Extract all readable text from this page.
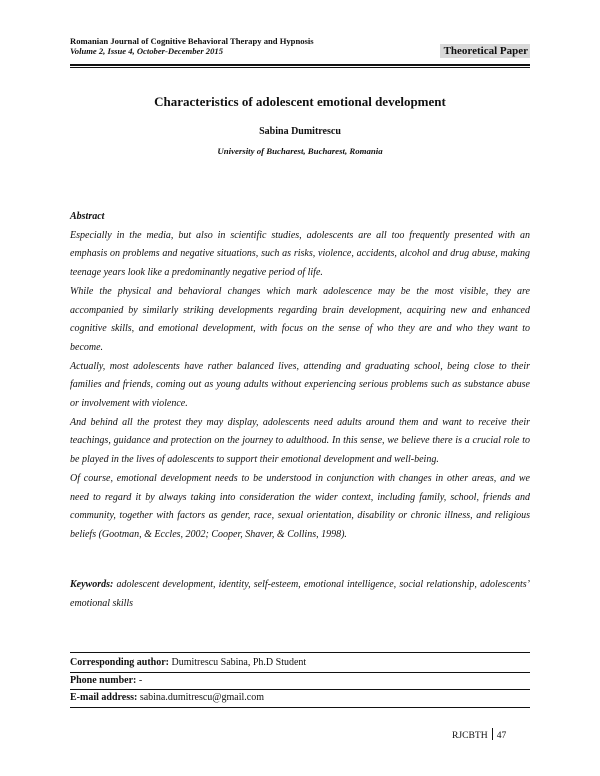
Romanian Journal of Cognitive Behavioral Therapy and Hypnosis
Volume 2, Issue 4, October-December 2015	Theoretical Paper
Characteristics of adolescent emotional development
Sabina Dumitrescu
University of Bucharest, Bucharest, Romania
Abstract

Especially in the media, but also in scientific studies, adolescents are all too frequently presented with an emphasis on problems and negative situations, such as risks, violence, accidents, alcohol and drug abuse, making teenage years look like a predominantly negative period of life.

While the physical and behavioral changes which mark adolescence may be the most visible, they are accompanied by similarly striking developments regarding brain development, acquiring new and enhanced cognitive skills, and emotional development, with focus on the sense of who they are and who they want to become.

Actually, most adolescents have rather balanced lives, attending and graduating school, being close to their families and friends, coming out as young adults without experiencing serious problems such as substance abuse or involvement with violence.

And behind all the protest they may display, adolescents need adults around them and want to receive their teachings, guidance and protection on the journey to adulthood. In this sense, we believe there is a crucial role to be played in the lives of adolescents to support their emotional development and well-being.

Of course, emotional development needs to be understood in conjunction with changes in other areas, and we need to regard it by always taking into consideration the wider context, including family, school, friends and community, together with factors as gender, race, sexual orientation, disability or chronic illness, and religious beliefs (Gootman, & Eccles, 2002; Cooper, Shaver, & Collins, 1998).

Keywords: adolescent development, identity, self-esteem, emotional intelligence, social relationship, adolescents’ emotional skills
Corresponding author: Dumitrescu Sabina, Ph.D Student
Phone number: -
E-mail address: sabina.dumitrescu@gmail.com
RJCBTH 47
